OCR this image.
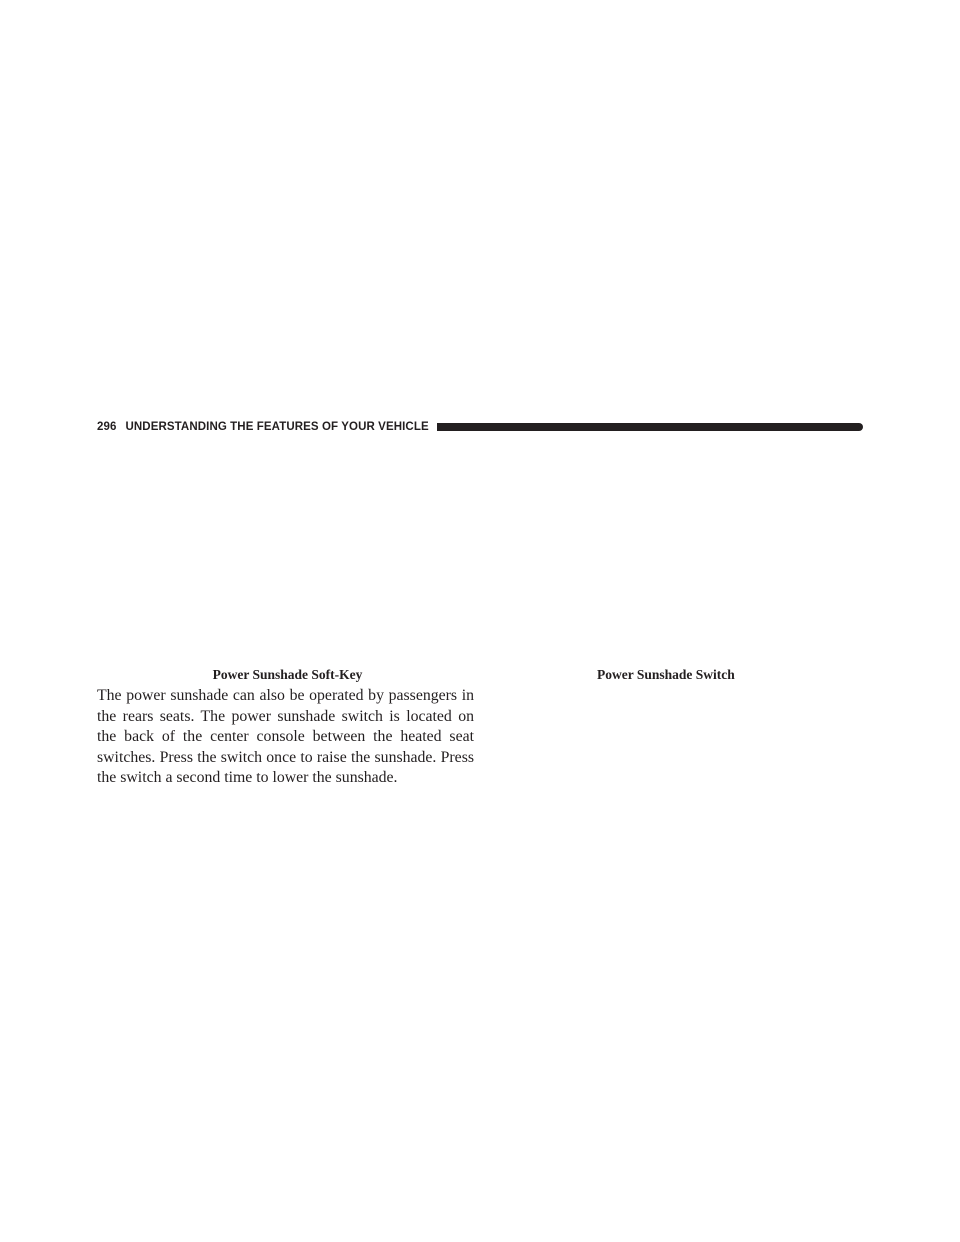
296 UNDERSTANDING THE FEATURES OF YOUR VEHICLE
Power Sunshade Soft-Key	Power Sunshade Switch

The power sunshade can also be operated by passengers in the rears seats. The power sunshade switch is located on the back of the center console between the heated seat switches. Press the switch once to raise the sunshade. Press the switch a second time to lower the sunshade.
